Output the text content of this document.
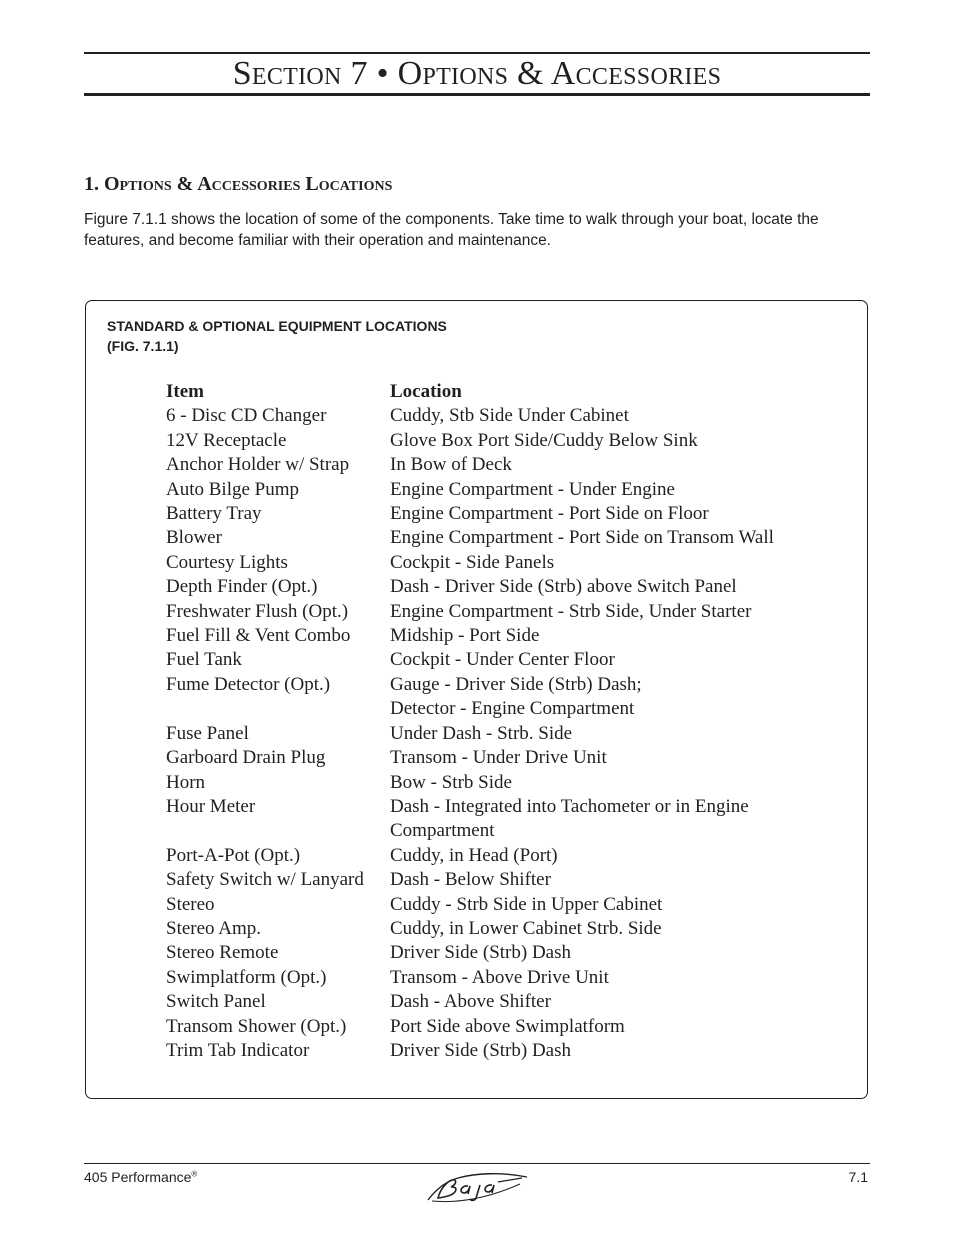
Section 7 • Options & Accessories
1. Options & Accessories Locations
Figure 7.1.1 shows the location of some of the components. Take time to walk through your boat, locate the features, and become familiar with their operation and maintenance.
STANDARD & OPTIONAL EQUIPMENT LOCATIONS
(FIG. 7.1.1)
Item	Location
6 - Disc CD Changer	Cuddy, Stb Side Under Cabinet
12V Receptacle	Glove Box Port Side/Cuddy Below Sink
Anchor Holder w/ Strap	In Bow of Deck
Auto Bilge Pump	Engine Compartment - Under Engine
Battery Tray	Engine Compartment - Port Side on Floor
Blower	Engine Compartment - Port Side on Transom Wall
Courtesy Lights	Cockpit - Side Panels
Depth Finder (Opt.)	Dash - Driver Side (Strb) above Switch Panel
Freshwater Flush (Opt.)	Engine Compartment - Strb Side, Under Starter
Fuel Fill & Vent Combo	Midship - Port Side
Fuel Tank	Cockpit - Under Center Floor
Fume Detector (Opt.)	Gauge - Driver Side (Strb) Dash;
Detector - Engine Compartment
Fuse Panel	Under Dash - Strb. Side
Garboard Drain Plug	Transom - Under Drive Unit
Horn	Bow - Strb Side
Hour Meter	Dash - Integrated into Tachometer or in Engine
Compartment
Port-A-Pot (Opt.)	Cuddy, in Head (Port)
Safety Switch w/ Lanyard	Dash - Below Shifter
Stereo	Cuddy - Strb Side in Upper Cabinet
Stereo Amp.	Cuddy, in Lower Cabinet Strb. Side
Stereo Remote	Driver Side (Strb) Dash
Swimplatform (Opt.)	Transom - Above Drive Unit
Switch Panel	Dash - Above Shifter
Transom Shower (Opt.)	Port Side above Swimplatform
Trim Tab Indicator	Driver Side (Strb) Dash
405 Performance®	7.1
